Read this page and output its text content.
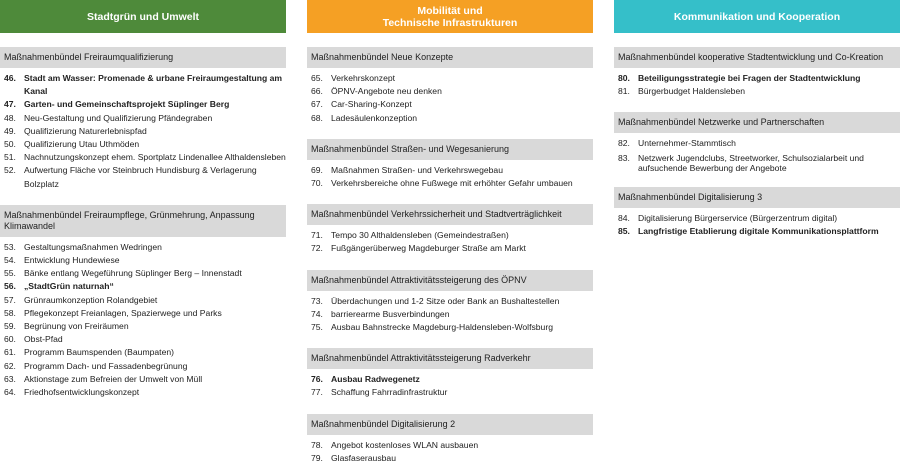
Stadtgrün und Umwelt
Maßnahmenbündel Freiraumqualifizierung
46. Stadt am Wasser: Promenade & urbane Freiraumgestaltung am Kanal
47. Garten- und Gemeinschaftsprojekt Süplinger Berg
48. Neu-Gestaltung und Qualifizierung Pfändegraben
49. Qualifizierung Naturerlebnispfad
50. Qualifizierung Utau Uthmöden
51. Nachnutzungskonzept ehem. Sportplatz Lindenallee Althaldensleben
52. Aufwertung Fläche vor Steinbruch Hundisburg & Verlagerung Bolzplatz
Maßnahmenbündel Freiraumpflege, Grünmehrung, Anpassung Klimawandel
53. Gestaltungsmaßnahmen Wedringen
54. Entwicklung Hundewiese
55. Bänke entlang Wegeführung Süplinger Berg – Innenstadt
56. „StadtGrün naturnah“
57. Grünraumkonzeption Rolandgebiet
58. Pflegekonzept Freianlagen, Spazierwege und Parks
59. Begrünung von Freiräumen
60. Obst-Pfad
61. Programm Baumspenden (Baumpaten)
62. Programm Dach- und Fassadenbegrünung
63. Aktionstage zum Befreien der Umwelt von Müll
64. Friedhofsentwicklungskonzept
Mobilität und
Technische Infrastrukturen
Maßnahmenbündel Neue Konzepte
65. Verkehrskonzept
66. ÖPNV-Angebote neu denken
67. Car-Sharing-Konzept
68. Ladesäulenkonzeption
Maßnahmenbündel Straßen- und Wegesanierung
69. Maßnahmen Straßen- und Verkehrswegebau
70. Verkehrsbereiche ohne Fußwege mit erhöhter Gefahr umbauen
Maßnahmenbündel Verkehrssicherheit und Stadtverträglichkeit
71. Tempo 30 Althaldensleben (Gemeindestraßen)
72. Fußgängerüberweg Magdeburger Straße am Markt
Maßnahmenbündel Attraktivitätssteigerung des ÖPNV
73. Überdachungen und 1-2 Sitze oder Bank an Bushaltestellen
74. barrierearme Busverbindungen
75. Ausbau Bahnstrecke Magdeburg-Haldensleben-Wolfsburg
Maßnahmenbündel Attraktivitätssteigerung Radverkehr
76. Ausbau Radwegenetz
77. Schaffung Fahrradinfrastruktur
Maßnahmenbündel Digitalisierung 2
78. Angebot kostenloses WLAN ausbauen
79. Glasfaserausbau
Kommunikation und Kooperation
Maßnahmenbündel kooperative Stadtentwicklung und Co-Kreation
80. Beteiligungsstrategie bei Fragen der Stadtentwicklung
81. Bürgerbudget Haldensleben
Maßnahmenbündel Netzwerke und Partnerschaften
82. Unternehmer-Stammtisch
83. Netzwerk Jugendclubs, Streetworker, Schulsozialarbeit und aufsuchende Bewerbung der Angebote
Maßnahmenbündel Digitalisierung 3
84. Digitalisierung Bürgerservice (Bürgerzentrum digital)
85. Langfristige Etablierung digitale Kommunikationsplattform
